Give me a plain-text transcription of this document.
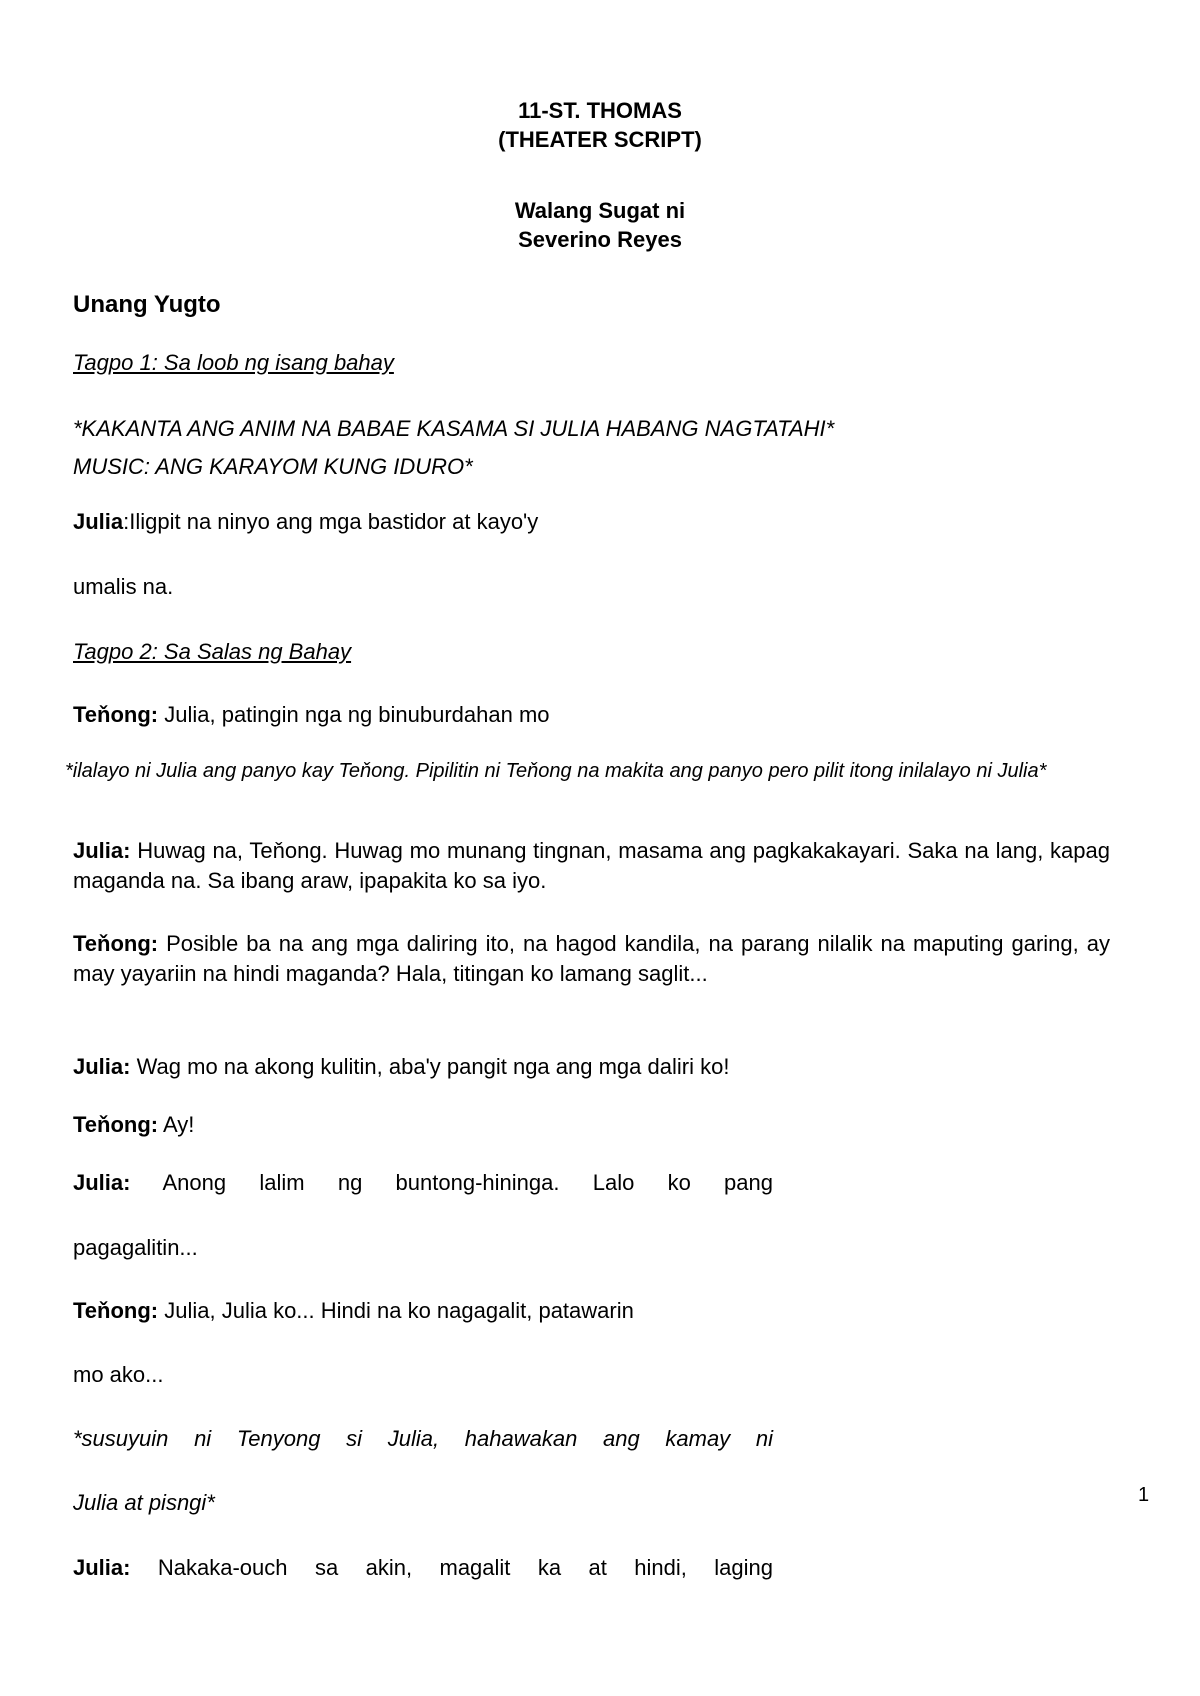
11-ST. THOMAS
(THEATER SCRIPT)
Walang Sugat ni
Severino Reyes
Unang Yugto
Tagpo 1: Sa loob ng isang bahay
*KAKANTA ANG ANIM NA BABAE KASAMA SI JULIA HABANG NAGTATAHI*
MUSIC: ANG KARAYOM KUNG IDURO*
Julia:Iligpit na ninyo ang mga bastidor at kayo'y
umalis na.
Tagpo 2: Sa Salas ng Bahay
Teňong: Julia, patingin nga ng binuburdahan mo
*ilalayo ni Julia ang panyo kay Teňong. Pipilitin ni Teňong na makita ang panyo pero pilit itong inilalayo ni Julia*
Julia: Huwag na, Teňong. Huwag mo munang tingnan, masama ang pagkakakayari. Saka na lang, kapag maganda na. Sa ibang araw, ipapakita ko sa iyo.
Teňong: Posible ba na ang mga daliring ito, na hagod kandila, na parang nilalik na maputing garing, ay may yayariin na hindi maganda? Hala, titingan ko lamang saglit...
Julia: Wag mo na akong kulitin, aba'y pangit nga ang mga daliri ko!
Teňong: Ay!
Julia: Anong lalim ng buntong-hininga. Lalo ko pang
pagagalitin...
Teňong: Julia, Julia ko... Hindi na ko nagagalit, patawarin
mo ako...
*susuyuin ni Tenyong si Julia, hahawakan ang kamay ni
Julia at pisngi*
Julia: Nakaka-ouch sa akin, magalit ka at hindi, laging
1
